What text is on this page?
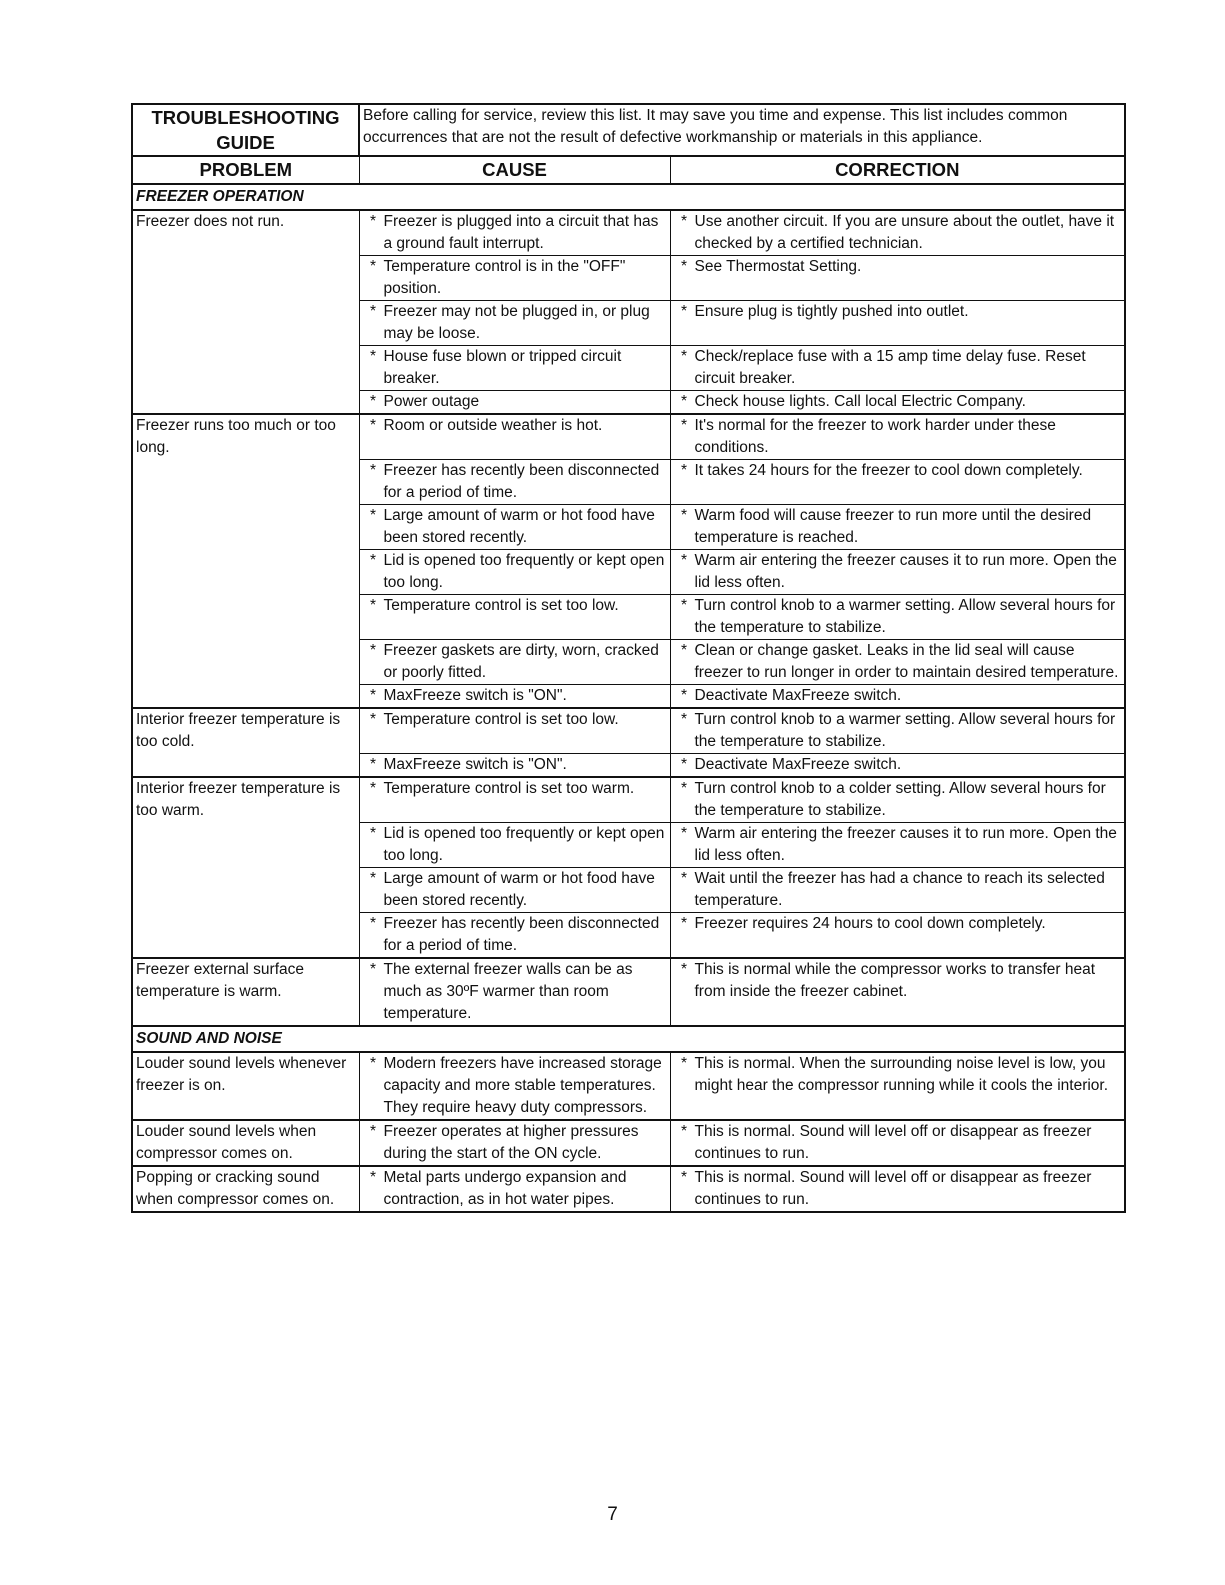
TROUBLESHOOTING
GUIDE	Before calling for service, review this list. It may save you time and expense. This list includes common occurrences that are not the result of defective workmanship or materials in this appliance.	
PROBLEM	CAUSE	CORRECTION
FREEZER OPERATION		
Freezer does not run.	* Freezer is plugged into a circuit that has a ground fault interrupt.	* Use another circuit. If you are unsure about the outlet, have it checked by a certified technician.

	* Temperature control is in the "OFF" position.	* See Thermostat Setting.

	* Freezer may not be plugged in, or plug may be loose.	* Ensure plug is tightly pushed into outlet.

	* House fuse blown or tripped circuit breaker.	* Check/replace fuse with a 15 amp time delay fuse. Reset circuit breaker.

	* Power outage	* Check house lights. Call local Electric Company.

Freezer runs too much or too long.	* Room or outside weather is hot.	* It's normal for the freezer to work harder under these conditions.

	* Freezer has recently been disconnected for a period of time.	* It takes 24 hours for the freezer to cool down completely.

	* Large amount of warm or hot food have been stored recently.	* Warm food will cause freezer to run more until the desired temperature is reached.

	* Lid is opened too frequently or kept open too long.	* Warm air entering the freezer causes it to run more. Open the lid less often.

	* Temperature control is set too low.	* Turn control knob to a warmer setting. Allow several hours for the temperature to stabilize.

	* Freezer gaskets are dirty, worn, cracked or poorly fitted.	* Clean or change gasket. Leaks in the lid seal will cause freezer to run longer in order to maintain desired temperature.

	* MaxFreeze switch is "ON".	* Deactivate MaxFreeze switch.

Interior freezer temperature is too cold.	* Temperature control is set too low.	* Turn control knob to a warmer setting. Allow several hours for the temperature to stabilize.

	* MaxFreeze switch is "ON".	* Deactivate MaxFreeze switch.

Interior freezer temperature is too warm.	* Temperature control is set too warm.	* Turn control knob to a colder setting. Allow several hours for the temperature to stabilize.

	* Lid is opened too frequently or kept open too long.	* Warm air entering the freezer causes it to run more. Open the lid less often.

	* Large amount of warm or hot food have been stored recently.	* Wait until the freezer has had a chance to reach its selected temperature.

	* Freezer has recently been disconnected for a period of time.	* Freezer requires 24 hours to cool down completely.

Freezer external surface temperature is warm.	* The external freezer walls can be as much as 30ºF warmer than room temperature.	* This is normal while the compressor works to transfer heat from inside the freezer cabinet.

SOUND AND NOISE		
Louder sound levels whenever freezer is on.	* Modern freezers have increased storage capacity and more stable temperatures. They require heavy duty compressors.	* This is normal. When the surrounding noise level is low, you might hear the compressor running while it cools the interior.

Louder sound levels when compressor comes on.	* Freezer operates at higher pressures during the start of the ON cycle.	* This is normal. Sound will level off or disappear as freezer continues to run.

Popping or cracking sound when compressor comes on.	* Metal parts undergo expansion and contraction, as in hot water pipes.	* This is normal. Sound will level off or disappear as freezer continues to run.
7
